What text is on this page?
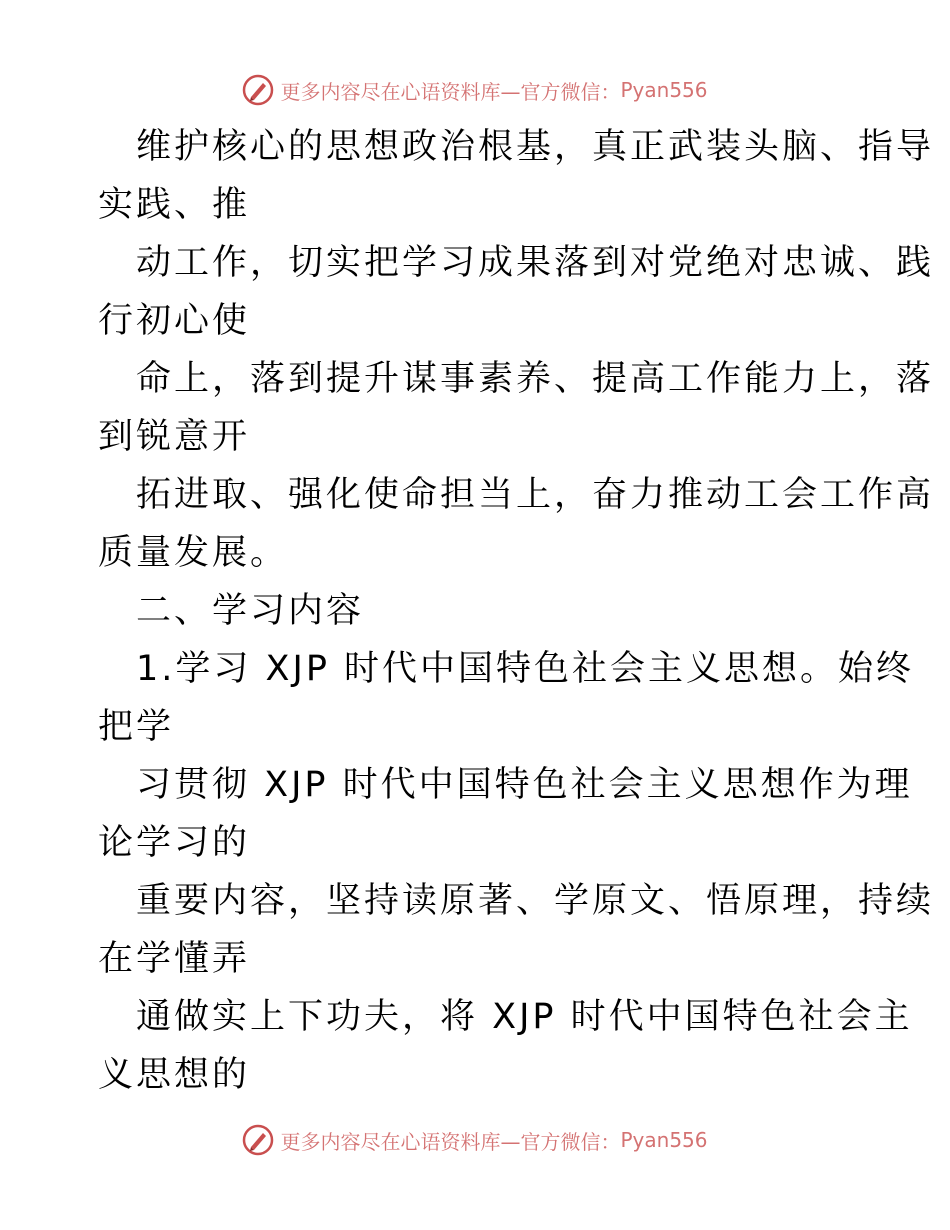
更多内容尽在心语资料库—官方微信： Pyan556
维护核心的思想政治根基，真正武装头脑、指导
实践、推
动工作，切实把学习成果落到对党绝对忠诚、践
行初心使
命上，落到提升谋事素养、提高工作能力上，落
到锐意开
拓进取、强化使命担当上，奋力推动工会工作高
质量发展。
二、学习内容
1.学习 XJP 时代中国特色社会主义思想。始终
把学
习贯彻 XJP 时代中国特色社会主义思想作为理
论学习的
重要内容，坚持读原著、学原文、悟原理，持续
在学懂弄
通做实上下功夫，将 XJP 时代中国特色社会主
义思想的
更多内容尽在心语资料库—官方微信： Pyan556
